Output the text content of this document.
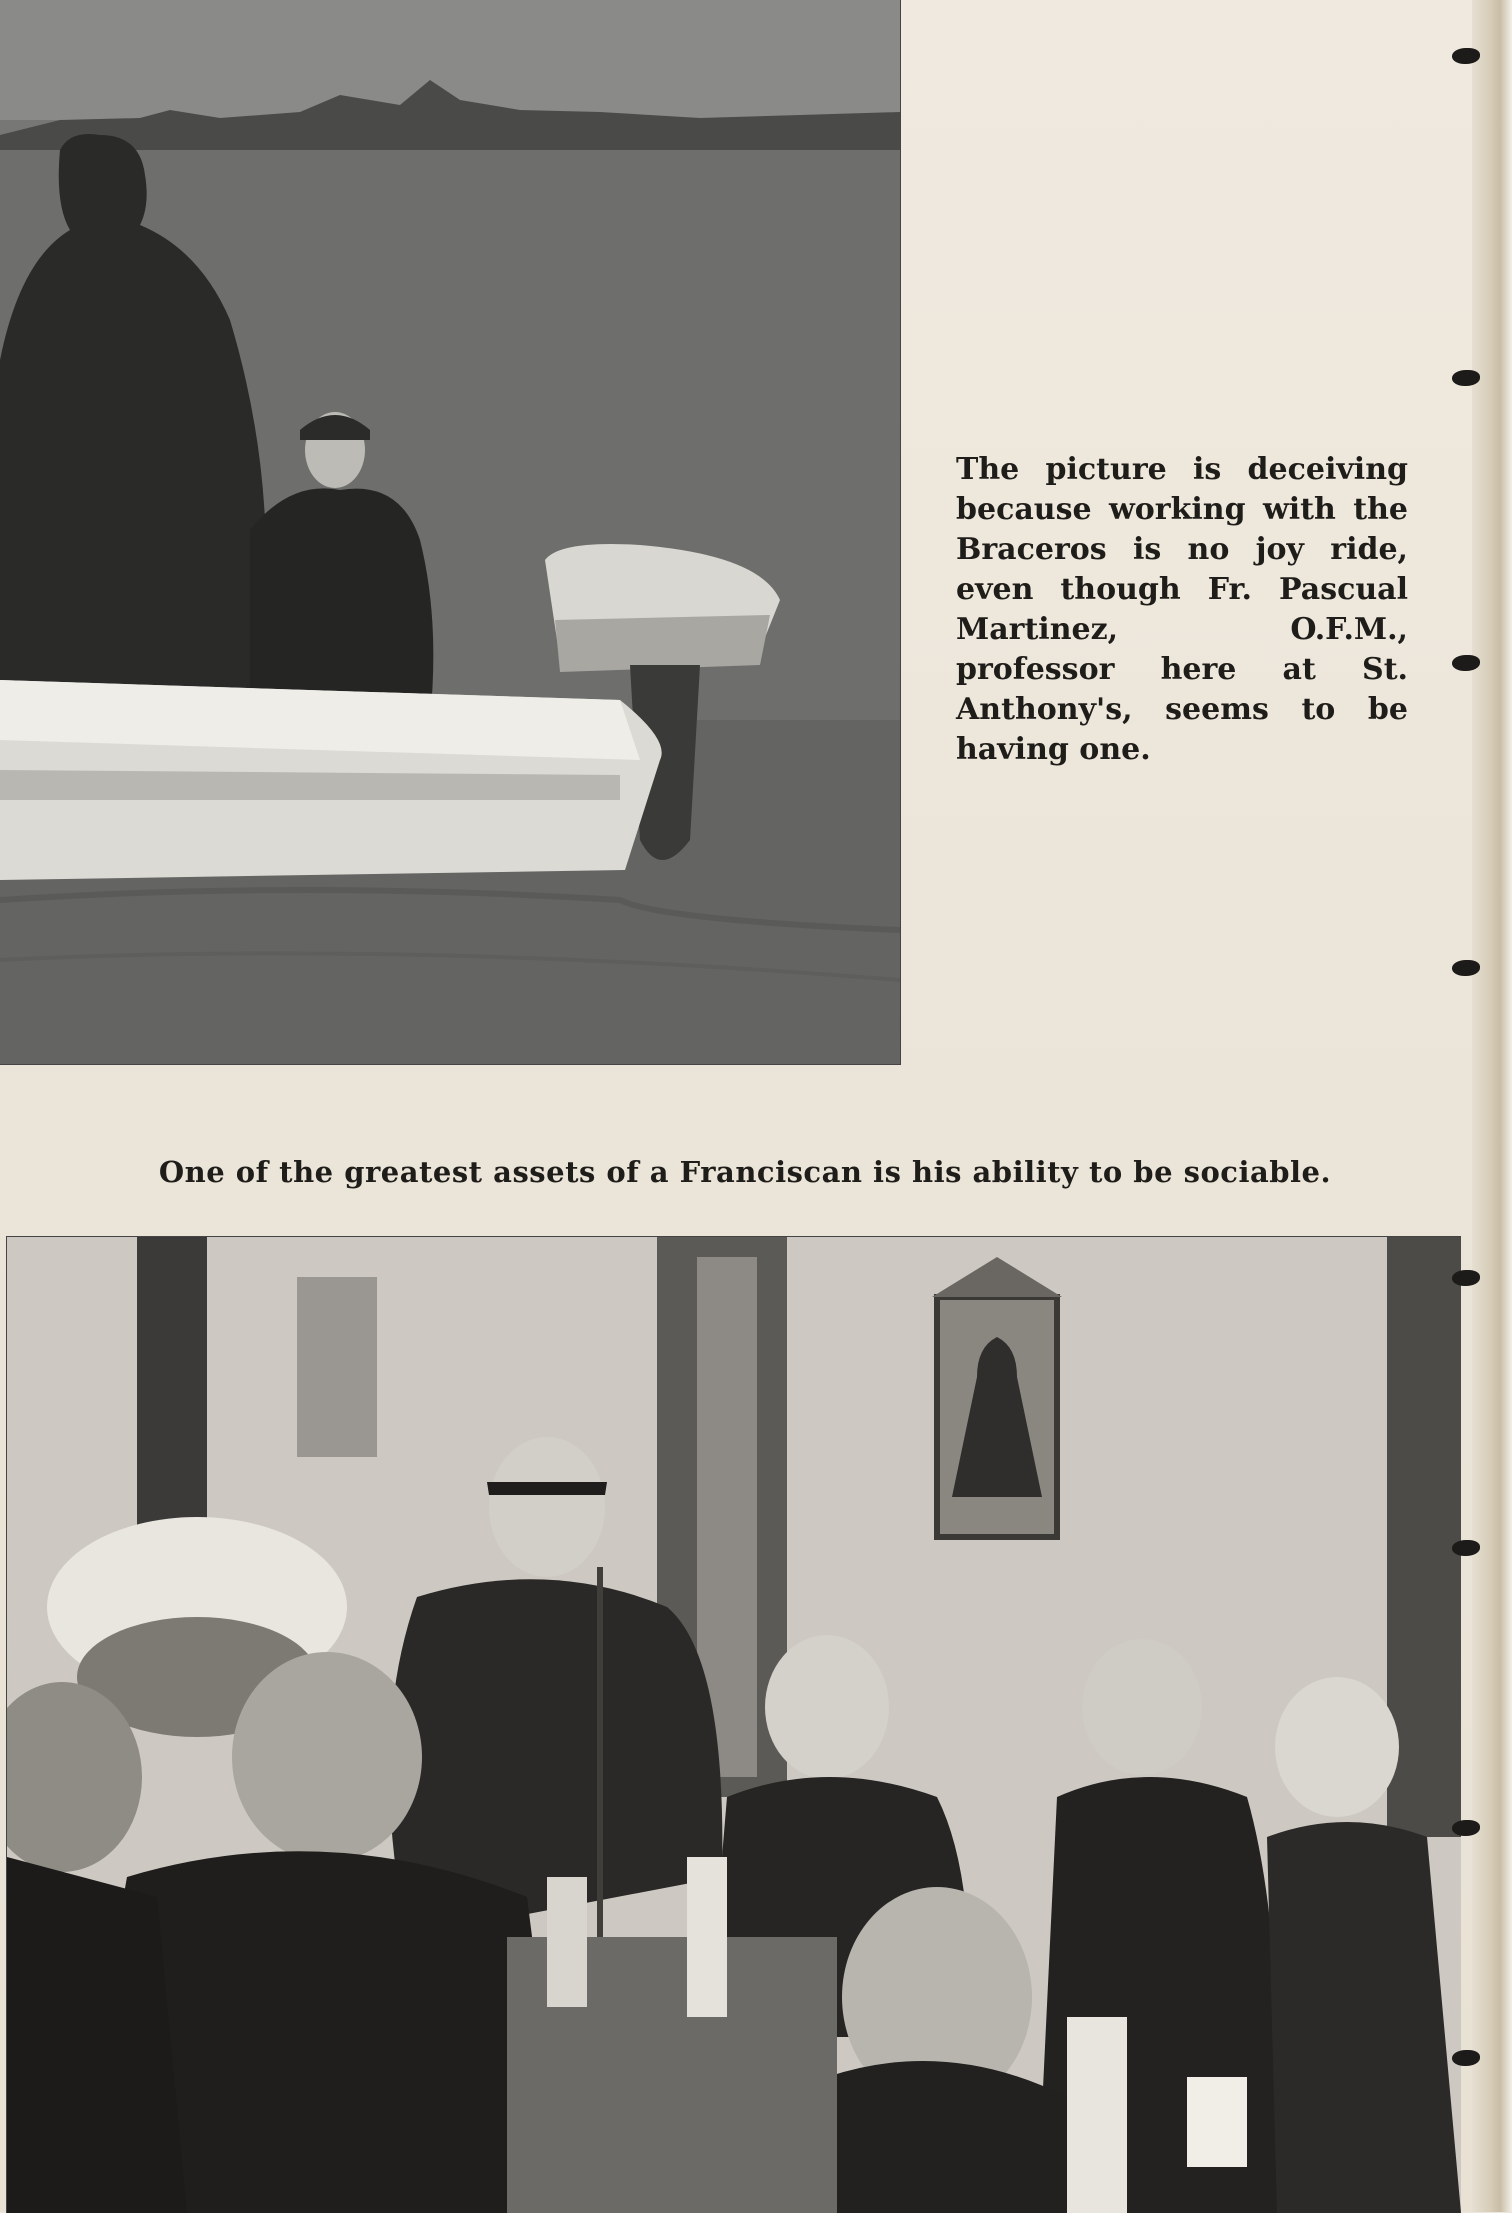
The picture is deceiving because working with the Braceros is no joy ride, even though Fr. Pascual Martinez, O.F.M., professor here at St. Anthony's, seems to be having one.

One of the greatest assets of a Franciscan is his ability to be sociable.
